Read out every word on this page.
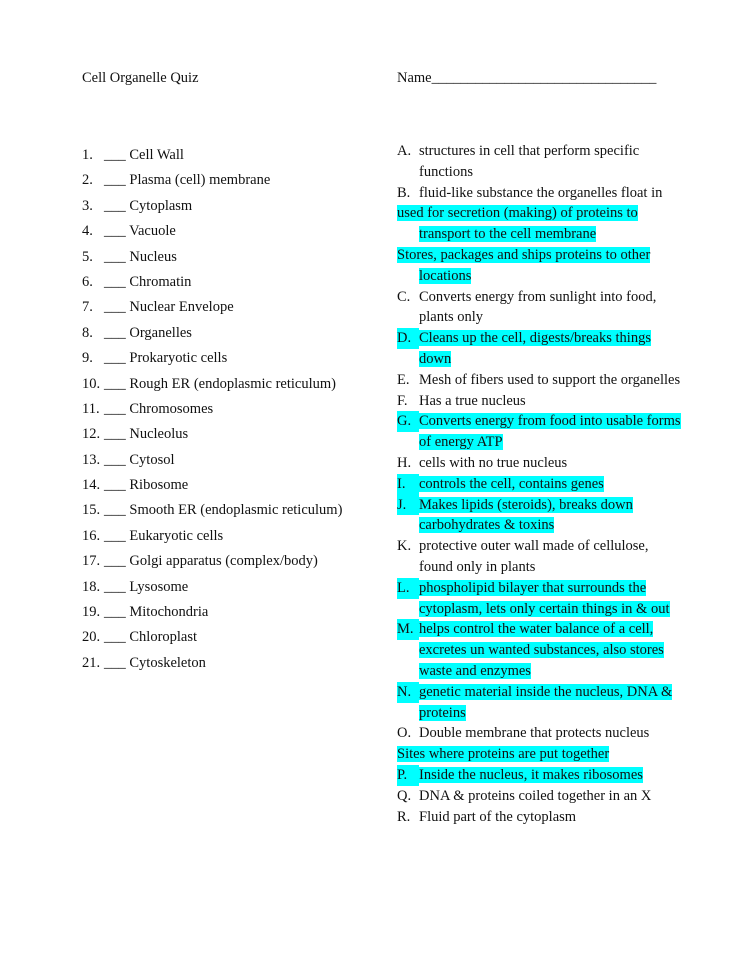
Cell Organelle Quiz	Name_______________________________
1. ___ Cell Wall
2. ___ Plasma (cell) membrane
3. ___ Cytoplasm
4. ___ Vacuole
5. ___ Nucleus
6. ___ Chromatin
7. ___ Nuclear Envelope
8. ___ Organelles
9. ___ Prokaryotic cells
10. ___ Rough ER (endoplasmic reticulum)
11. ___ Chromosomes
12. ___ Nucleolus
13. ___ Cytosol
14. ___ Ribosome
15. ___ Smooth ER (endoplasmic reticulum)
16. ___ Eukaryotic cells
17. ___ Golgi apparatus (complex/body)
18. ___ Lysosome
19. ___ Mitochondria
20. ___ Chloroplast
21. ___ Cytoskeleton
A. structures in cell that perform specific
functions
B. fluid-like substance the organelles float in
used for secretion (making) of proteins to
transport to the cell membrane
Stores, packages and ships proteins to other
locations
C. Converts energy from sunlight into food,
plants only
D. Cleans up the cell, digests/breaks things
down
E. Mesh of fibers used to support the organelles
F. Has a true nucleus
G. Converts energy from food into usable forms
of energy ATP
H. cells with no true nucleus
I. controls the cell, contains genes
J. Makes lipids (steroids), breaks down
carbohydrates & toxins
K. protective outer wall made of cellulose,
found only in plants
L. phospholipid bilayer that surrounds the
cytoplasm, lets only certain things in & out
M. helps control the water balance of a cell,
excretes un wanted substances, also stores
waste and enzymes
N. genetic material inside the nucleus, DNA &
proteins
O. Double membrane that protects nucleus
Sites where proteins are put together
P. Inside the nucleus, it makes ribosomes
Q. DNA & proteins coiled together in an X
R. Fluid part of the cytoplasm
